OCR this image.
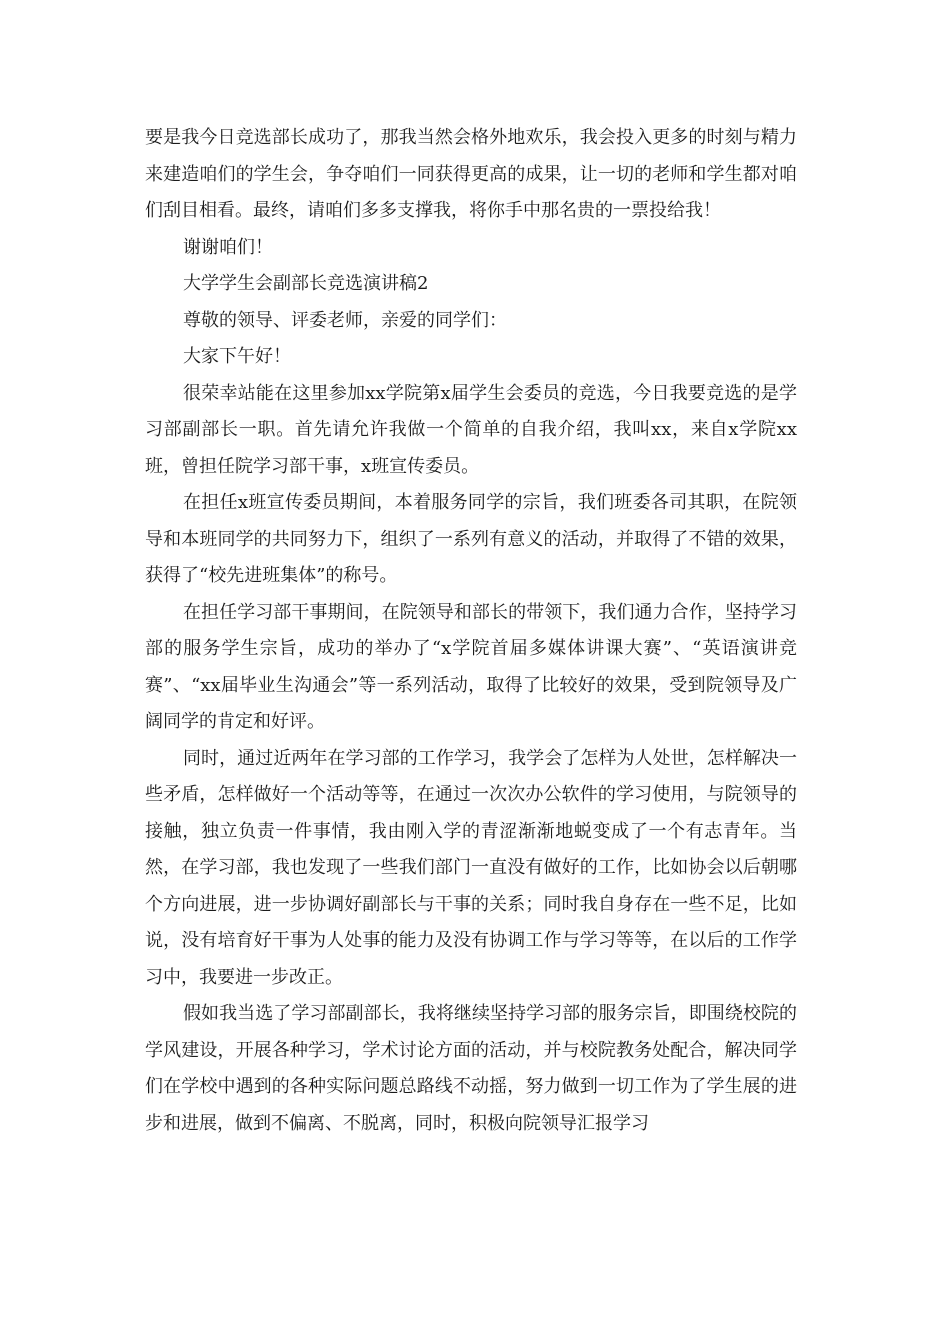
要是我今日竞选部长成功了，那我当然会格外地欢乐，我会投入更多的时刻与精力来建造咱们的学生会，争夺咱们一同获得更高的成果，让一切的老师和学生都对咱们刮目相看。最终，请咱们多多支撑我，将你手中那名贵的一票投给我！

谢谢咱们！

大学学生会副部长竞选演讲稿2

尊敬的领导、评委老师，亲爱的同学们：

大家下午好！

很荣幸站能在这里参加xx学院第x届学生会委员的竞选，今日我要竞选的是学习部副部长一职。首先请允许我做一个简单的自我介绍，我叫xx，来自x学院xx班，曾担任院学习部干事，x班宣传委员。

在担任x班宣传委员期间，本着服务同学的宗旨，我们班委各司其职，在院领导和本班同学的共同努力下，组织了一系列有意义的活动，并取得了不错的效果，获得了“校先进班集体”的称号。

在担任学习部干事期间，在院领导和部长的带领下，我们通力合作，坚持学习部的服务学生宗旨，成功的举办了“x学院首届多媒体讲课大赛”、“英语演讲竞赛”、“xx届毕业生沟通会”等一系列活动，取得了比较好的效果，受到院领导及广阔同学的肯定和好评。

同时，通过近两年在学习部的工作学习，我学会了怎样为人处世，怎样解决一些矛盾，怎样做好一个活动等等，在通过一次次办公软件的学习使用，与院领导的接触，独立负责一件事情，我由刚入学的青涩渐渐地蜕变成了一个有志青年。当然，在学习部，我也发现了一些我们部门一直没有做好的工作，比如协会以后朝哪个方向进展，进一步协调好副部长与干事的关系；同时我自身存在一些不足，比如说，没有培育好干事为人处事的能力及没有协调工作与学习等等，在以后的工作学习中，我要进一步改正。

假如我当选了学习部副部长，我将继续坚持学习部的服务宗旨，即围绕校院的学风建设，开展各种学习，学术讨论方面的活动，并与校院教务处配合，解决同学们在学校中遇到的各种实际问题总路线不动摇，努力做到一切工作为了学生展的进步和进展，做到不偏离、不脱离，同时，积极向院领导汇报学习
